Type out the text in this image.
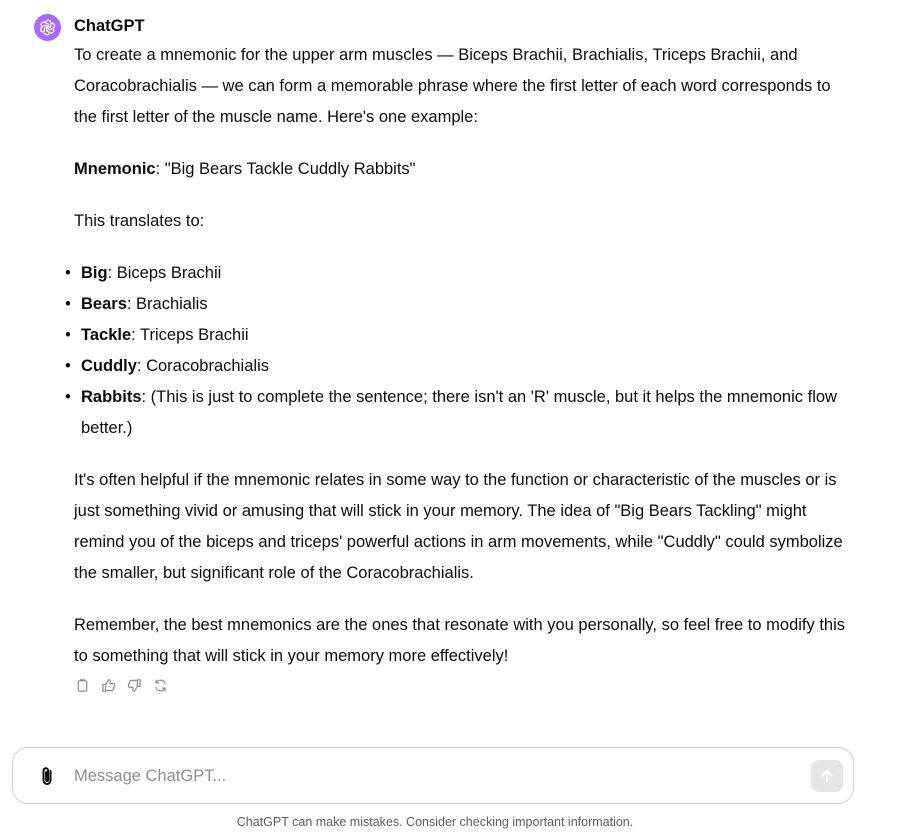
ChatGPT

To create a mnemonic for the upper arm muscles — Biceps Brachii, Brachialis, Triceps Brachii, and Coracobrachialis — we can form a memorable phrase where the first letter of each word corresponds to the first letter of the muscle name. Here's one example:

Mnemonic: "Big Bears Tackle Cuddly Rabbits"

This translates to:

• Big: Biceps Brachii
• Bears: Brachialis
• Tackle: Triceps Brachii
• Cuddly: Coracobrachialis
• Rabbits: (This is just to complete the sentence; there isn't an 'R' muscle, but it helps the mnemonic flow better.)

It's often helpful if the mnemonic relates in some way to the function or characteristic of the muscles or is just something vivid or amusing that will stick in your memory. The idea of "Big Bears Tackling" might remind you of the biceps and triceps' powerful actions in arm movements, while "Cuddly" could symbolize the smaller, but significant role of the Coracobrachialis.

Remember, the best mnemonics are the ones that resonate with you personally, so feel free to modify this to something that will stick in your memory more effectively!

Message ChatGPT...
ChatGPT can make mistakes. Consider checking important information.
